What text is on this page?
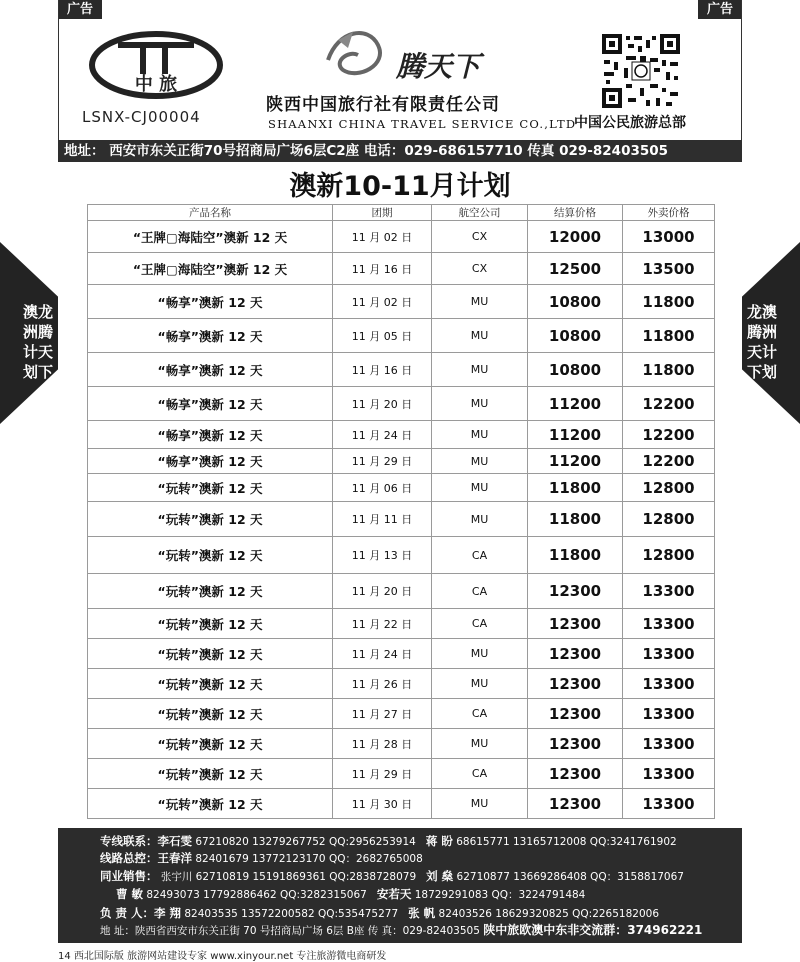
广告	广告
中 旅
LSNX-CJ00004
腾天下
陕西中国旅行社有限责任公司
SHAANXI CHINA TRAVEL SERVICE CO.,LTD
中国公民旅游总部
地址： 西安市东关正街70号招商局广场6层C2座 电话：029-686157710 传真 029-82403505
澳新10-11月计划
澳龙
洲腾
计天
划下
龙澳
腾洲
天计
下划
产品名称	团期	航空公司	结算价格	外卖价格
“王牌▢海陆空”澳新 12 天	11 月 02 日	CX	12000	13000
“王牌▢海陆空”澳新 12 天	11 月 16 日	CX	12500	13500
“畅享”澳新 12 天	11 月 02 日	MU	10800	11800
“畅享”澳新 12 天	11 月 05 日	MU	10800	11800
“畅享”澳新 12 天	11 月 16 日	MU	10800	11800
“畅享”澳新 12 天	11 月 20 日	MU	11200	12200
“畅享”澳新 12 天	11 月 24 日	MU	11200	12200
“畅享”澳新 12 天	11 月 29 日	MU	11200	12200
“玩转”澳新 12 天	11 月 06 日	MU	11800	12800
“玩转”澳新 12 天	11 月 11 日	MU	11800	12800
“玩转”澳新 12 天	11 月 13 日	CA	11800	12800
“玩转”澳新 12 天	11 月 20 日	CA	12300	13300
“玩转”澳新 12 天	11 月 22 日	CA	12300	13300
“玩转”澳新 12 天	11 月 24 日	MU	12300	13300
“玩转”澳新 12 天	11 月 26 日	MU	12300	13300
“玩转”澳新 12 天	11 月 27 日	CA	12300	13300
“玩转”澳新 12 天	11 月 28 日	MU	12300	13300
“玩转”澳新 12 天	11 月 29 日	CA	12300	13300
“玩转”澳新 12 天	11 月 30 日	MU	12300	13300
专线联系：李石雯 67210820 13279267752 QQ:2956253914 蒋 盼 68615771 13165712008 QQ:3241761902
线路总控：王春洋 82401679 13772123170 QQ：2682765008
同业销售： 张宇川 62710819 15191869361 QQ:2838728079 刘 燊 62710877 13669286408 QQ：3158817067
曹 敏 82493073 17792886462 QQ:3282315067 安若天 18729291083 QQ：3224791484
负 责 人：李 翔 82403535 13572200582 QQ:535475277 张 帆 82403526 18629320825 QQ:2265182006
地 址：陕西省西安市东关正街 70 号招商局广场 6层 B座 传 真：029-82403505 陕中旅欧澳中东非交流群：374962221
14 西北国际版 旅游网站建设专家 www.xinyour.net 专注旅游微电商研发
